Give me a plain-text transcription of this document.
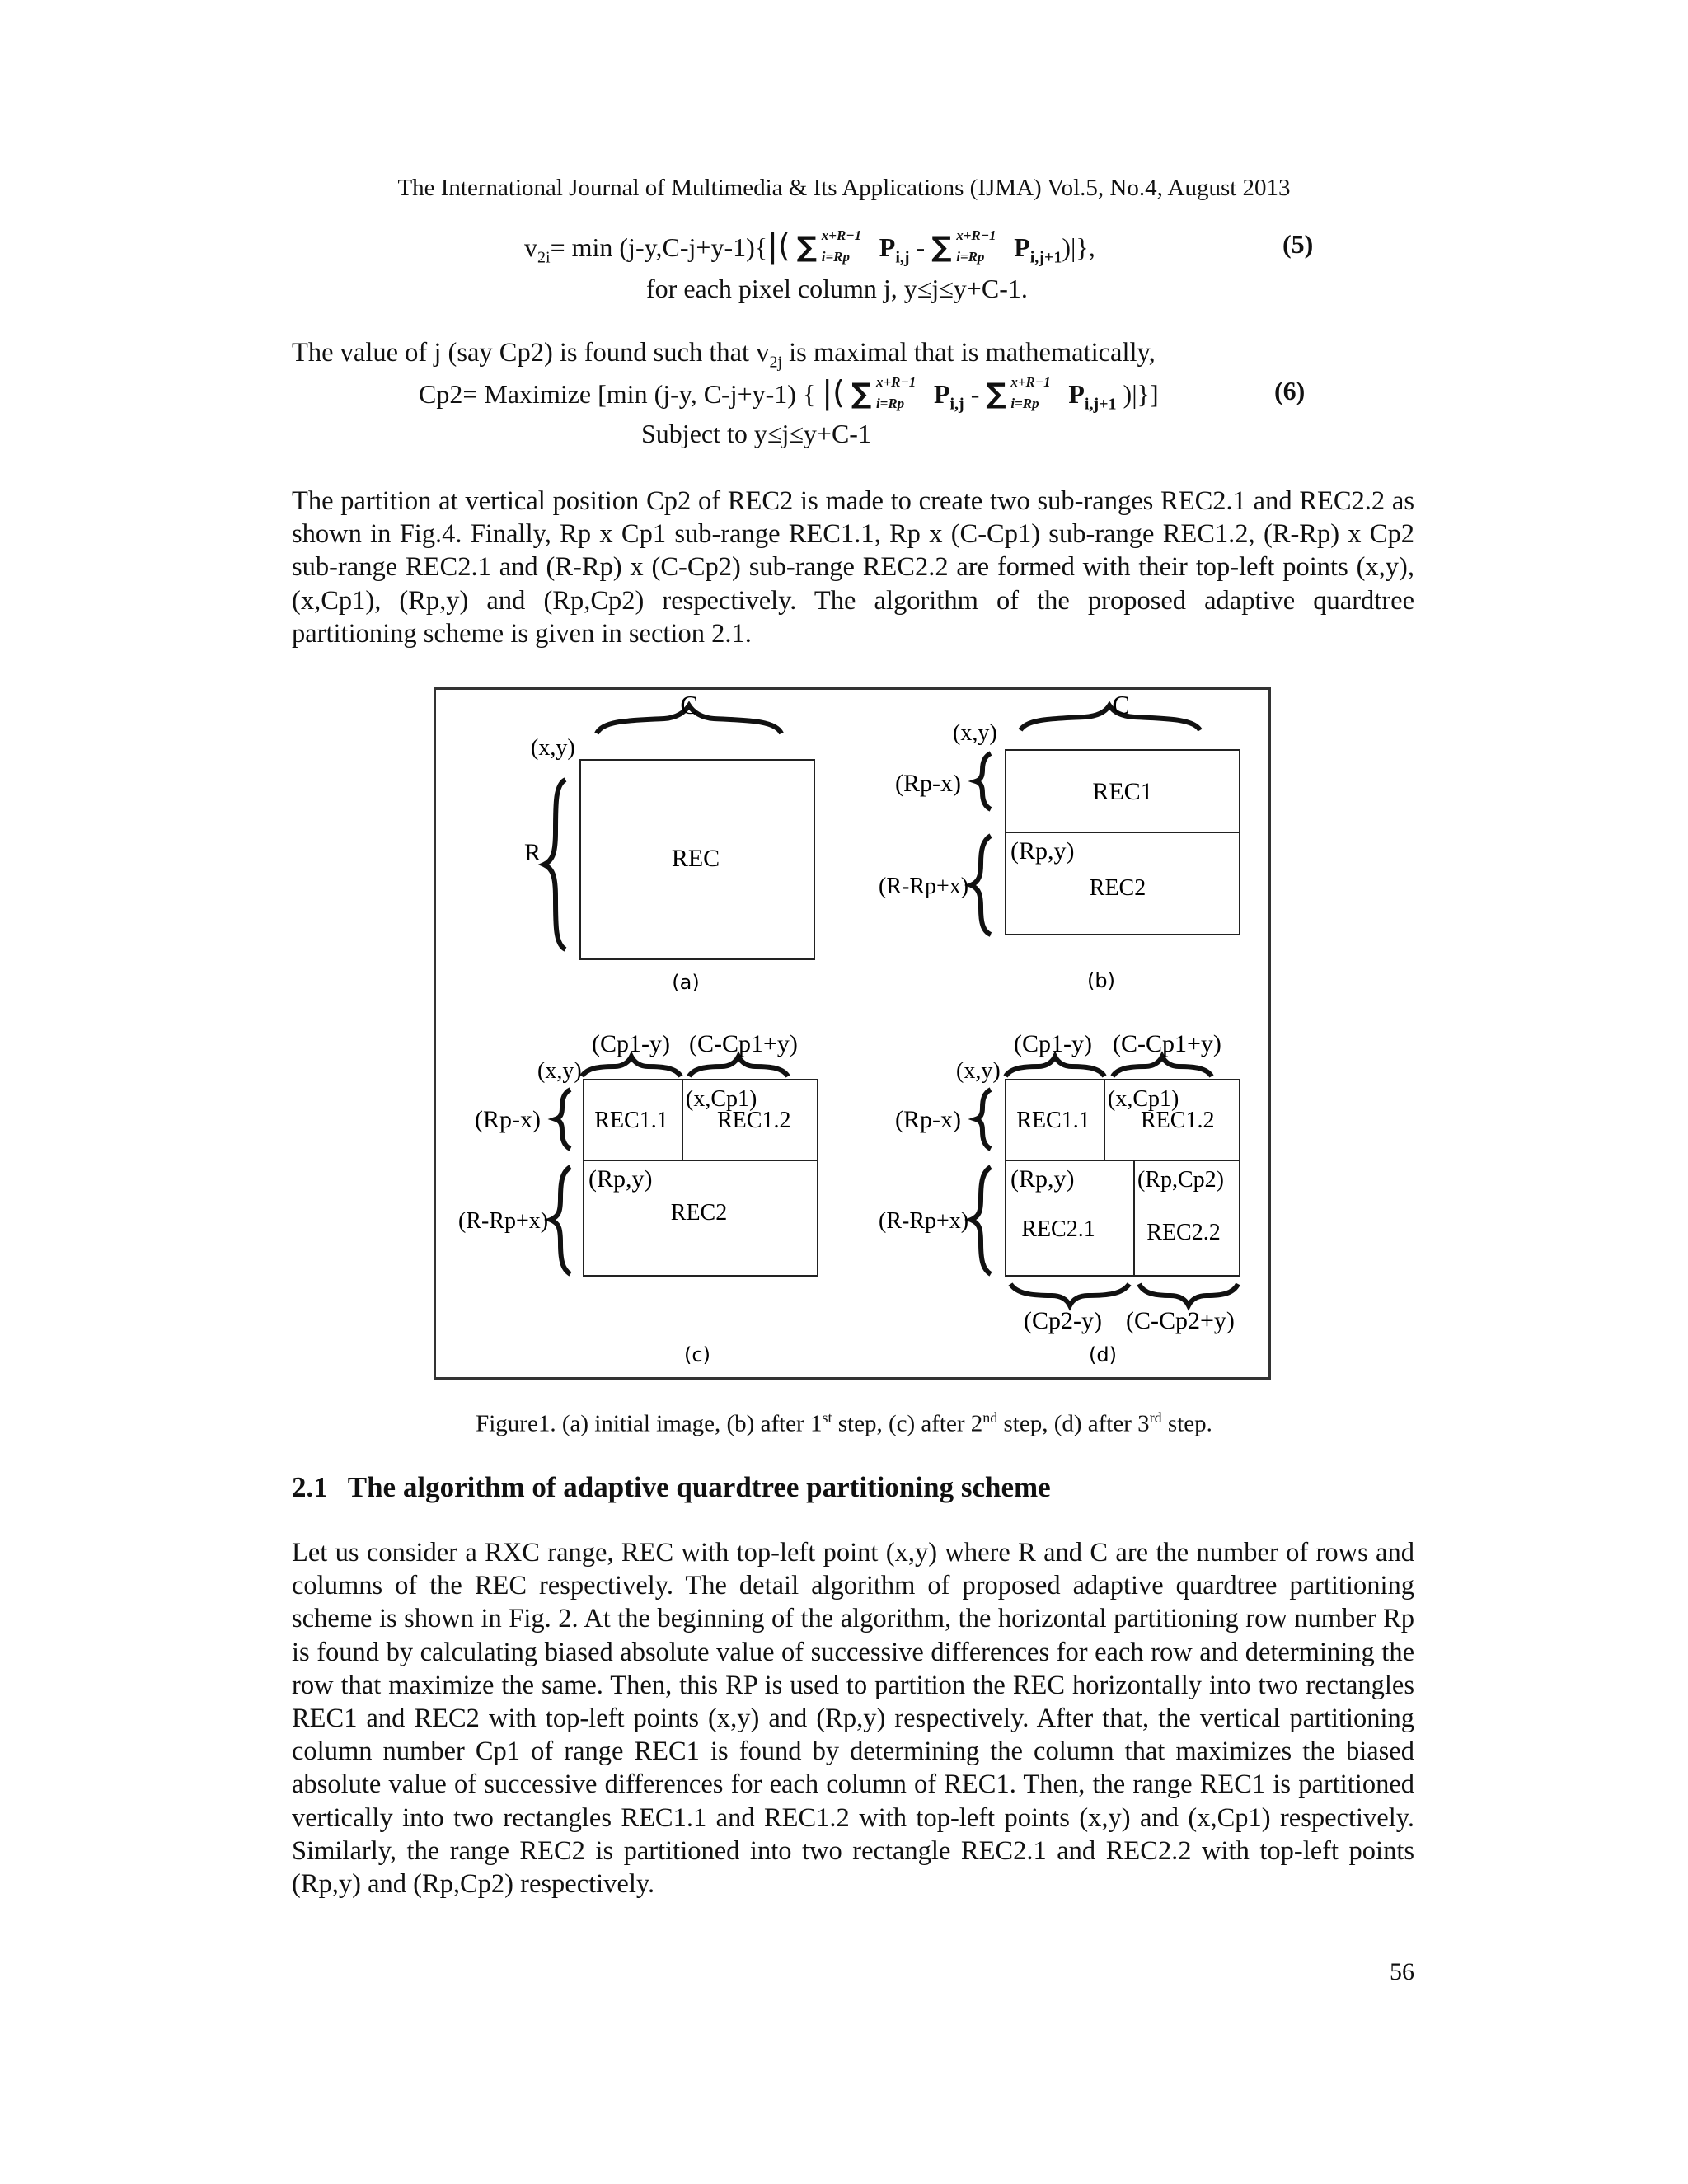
The International Journal of Multimedia & Its Applications (IJMA) Vol.5, No.4, August 2013
$v_{2i}= \min (j-y,C-j+y-1)\{|$( ∑ x+R−1
i=Rp $P_{i,j}$ - ∑ x+R−1
i=Rp $P_{i,j+1})|$},	(5)
for each pixel column j, y≤j≤y+C-1.
The value of j (say Cp2) is found such that $v_{2j}$ is maximal that is mathematically,
Cp2= Maximize [min (j-y, C-j+y-1) { |( ∑ x+R−1
i=Rp $P_{i,j}$ - ∑ x+R−1
i=Rp $P_{i,j+1}$ )|}]	(6)
Subject to y≤j≤y+C-1
The partition at vertical position Cp2 of REC2 is made to create two sub-ranges REC2.1 and REC2.2 as shown in Fig.4. Finally, Rp x Cp1 sub-range REC1.1, Rp x (C-Cp1) sub-range REC1.2, (R-Rp) x Cp2 sub-range REC2.1 and (R-Rp) x (C-Cp2) sub-range REC2.2 are formed with their top-left points (x,y), (x,Cp1), (Rp,y) and (Rp,Cp2) respectively. The algorithm of the proposed adaptive quardtree partitioning scheme is given in section 2.1.
C
(x,y)
R	REC
(a)
C
(x,y)
(Rp-x)
(R-Rp+x)
REC1
(Rp,y)
REC2
(b)
(Cp1-y) (C-Cp1+y)
(x,y)
(Rp-x)
(R-Rp+x)
REC1.1
(x,Cp1)
REC1.2
(Rp,y)
REC2
(c)
(Cp1-y) (C-Cp1+y)
(x,y)
(Rp-x)
(R-Rp+x)
REC1.1
(x,Cp1)
REC1.2
(Rp,y)	(Rp,Cp2)
REC2.1 REC2.2
(Cp2-y) (C-Cp2+y)
(d)
Figure1. (a) initial image, (b) after 1st step, (c) after 2nd step, (d) after 3rd step.
2.1 The algorithm of adaptive quardtree partitioning scheme
Let us consider a RXC range, REC with top-left point (x,y) where R and C are the number of rows and columns of the REC respectively. The detail algorithm of proposed adaptive quardtree partitioning scheme is shown in Fig. 2. At the beginning of the algorithm, the horizontal partitioning row number Rp is found by calculating biased absolute value of successive differences for each row and determining the row that maximize the same. Then, this RP is used to partition the REC horizontally into two rectangles REC1 and REC2 with top-left points (x,y) and (Rp,y) respectively. After that, the vertical partitioning column number Cp1 of range REC1 is found by determining the column that maximizes the biased absolute value of successive differences for each column of REC1. Then, the range REC1 is partitioned vertically into two rectangles REC1.1 and REC1.2 with top-left points (x,y) and (x,Cp1) respectively. Similarly, the range REC2 is partitioned into two rectangle REC2.1 and REC2.2 with top-left points (Rp,y) and (Rp,Cp2) respectively.
56
